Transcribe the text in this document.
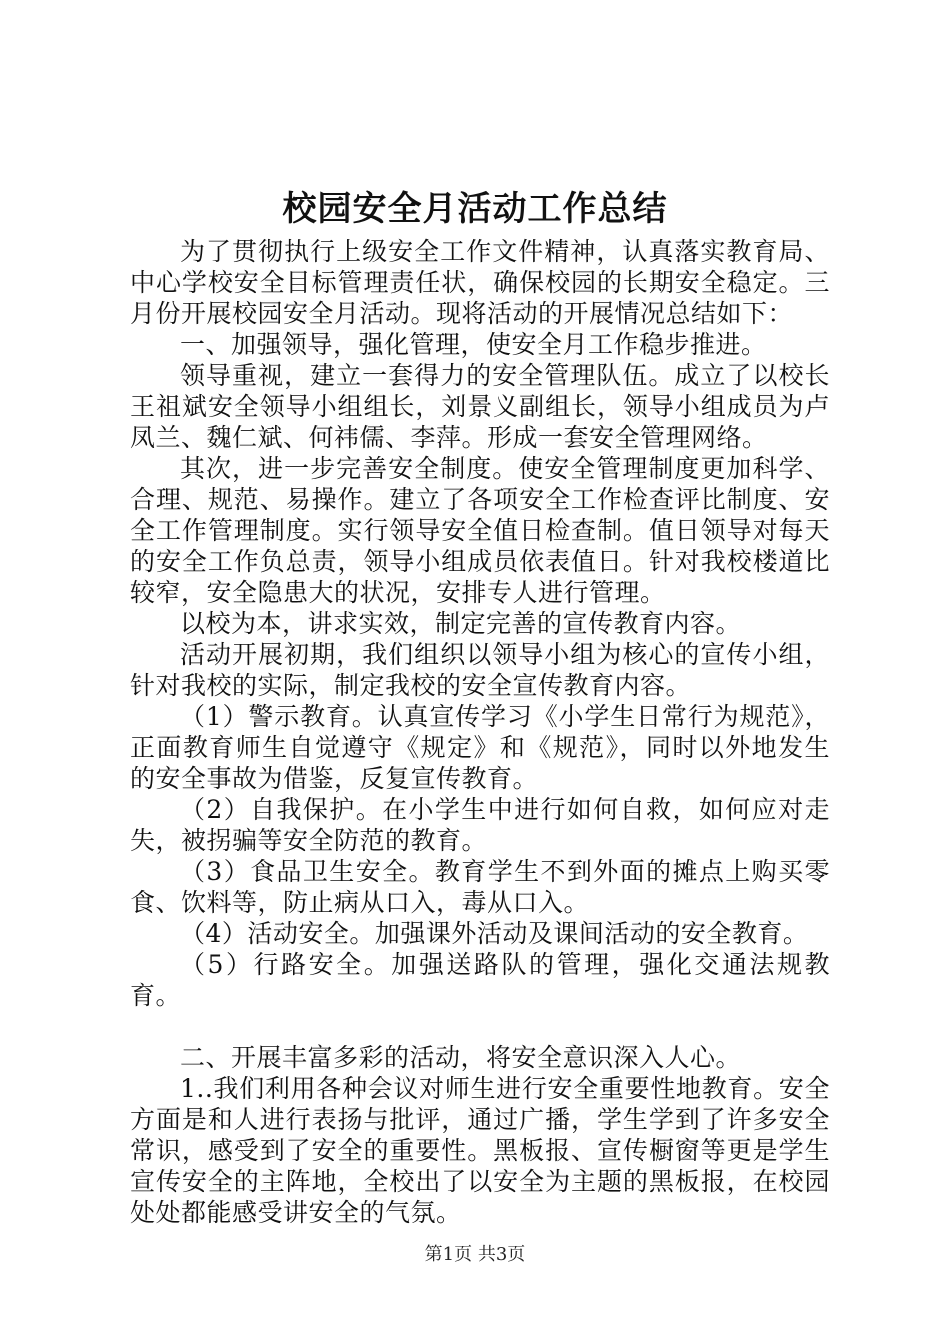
校园安全月活动工作总结

为了贯彻执行上级安全工作文件精神，认真落实教育局、中心学校安全目标管理责任状，确保校园的长期安全稳定。三月份开展校园安全月活动。现将活动的开展情况总结如下：

一、加强领导，强化管理，使安全月工作稳步推进。

领导重视，建立一套得力的安全管理队伍。成立了以校长王祖斌安全领导小组组长，刘景义副组长，领导小组成员为卢凤兰、魏仁斌、何祎儒、李萍。形成一套安全管理网络。

其次，进一步完善安全制度。使安全管理制度更加科学、合理、规范、易操作。建立了各项安全工作检查评比制度、安全工作管理制度。实行领导安全值日检查制。值日领导对每天的安全工作负总责，领导小组成员依表值日。针对我校楼道比较窄，安全隐患大的状况，安排专人进行管理。

以校为本，讲求实效，制定完善的宣传教育内容。

活动开展初期，我们组织以领导小组为核心的宣传小组，针对我校的实际，制定我校的安全宣传教育内容。

（1）警示教育。认真宣传学习《小学生日常行为规范》，正面教育师生自觉遵守《规定》和《规范》，同时以外地发生的安全事故为借鉴，反复宣传教育。

（2）自我保护。在小学生中进行如何自救，如何应对走失，被拐骗等安全防范的教育。

（3）食品卫生安全。教育学生不到外面的摊点上购买零食、饮料等，防止病从口入，毒从口入。

（4）活动安全。加强课外活动及课间活动的安全教育。

（5）行路安全。加强送路队的管理，强化交通法规教育。

二、开展丰富多彩的活动，将安全意识深入人心。

1..我们利用各种会议对师生进行安全重要性地教育。安全方面是和人进行表扬与批评，通过广播，学生学到了许多安全常识，感受到了安全的重要性。黑板报、宣传橱窗等更是学生宣传安全的主阵地，全校出了以安全为主题的黑板报，在校园处处都能感受讲安全的气氛。

第1页 共3页
